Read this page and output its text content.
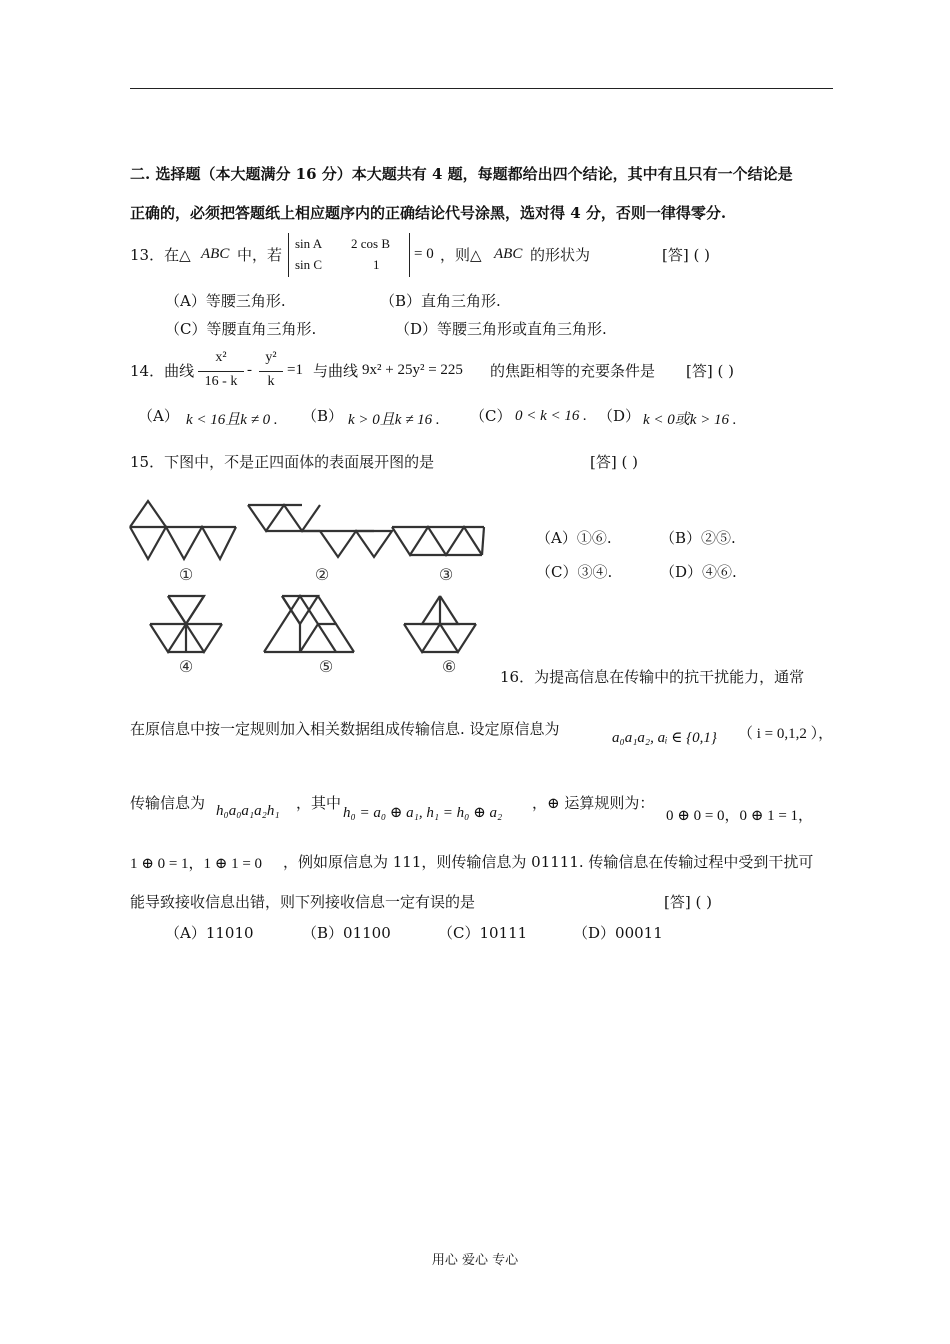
二. 选择题（本大题满分 16 分）本大题共有 4 题，每题都给出四个结论，其中有且只有一个结论是
正确的，必须把答题纸上相应题序内的正确结论代号涂黑，选对得 4 分，否则一律得零分.
13．在△ ABC 中，若
sin A 2 cos B
sin C	1
= 0 ，则△ ABC 的形状为	[答] ( )
（A）等腰三角形.	（B）直角三角形.
（C）等腰直角三角形.	（D）等腰三角形或直角三角形.
14．曲线
x²
16 - k
-
y²
k
=1 与曲线 9x² + 25y² = 225 的焦距相等的充要条件是 [答] ( )
（A） k < 16且k ≠ 0 . （B） k > 0且k ≠ 16 . （C） 0 < k < 16 . （D） k < 0或k > 16 .
15．下图中，不是正四面体的表面展开图的是	[答] ( )
①	②	③
④	⑤	⑥
（A）①⑥.	（B）②⑤.
（C）③④.	（D）④⑥.
16．为提高信息在传输中的抗干扰能力，通常
在原信息中按一定规则加入相关数据组成传输信息. 设定原信息为	a₀a₁a₂, aᵢ ∈ {0,1} （ i = 0,1,2 ），
传输信息为 h₀a₀a₁a₂h₁ ，其中
h₀ = a₀ ⊕ a₁, h₁ = h₀ ⊕ a₂
，⊕ 运算规则为：
0 ⊕ 0 = 0，0 ⊕ 1 = 1，
1 ⊕ 0 = 1，1 ⊕ 1 = 0 ，例如原信息为 111，则传输信息为 01111. 传输信息在传输过程中受到干扰可
能导致接收信息出错，则下列接收信息一定有误的是	[答] ( )
（A）11010	（B）01100	（C）10111	（D）00011
用心 爱心 专心
